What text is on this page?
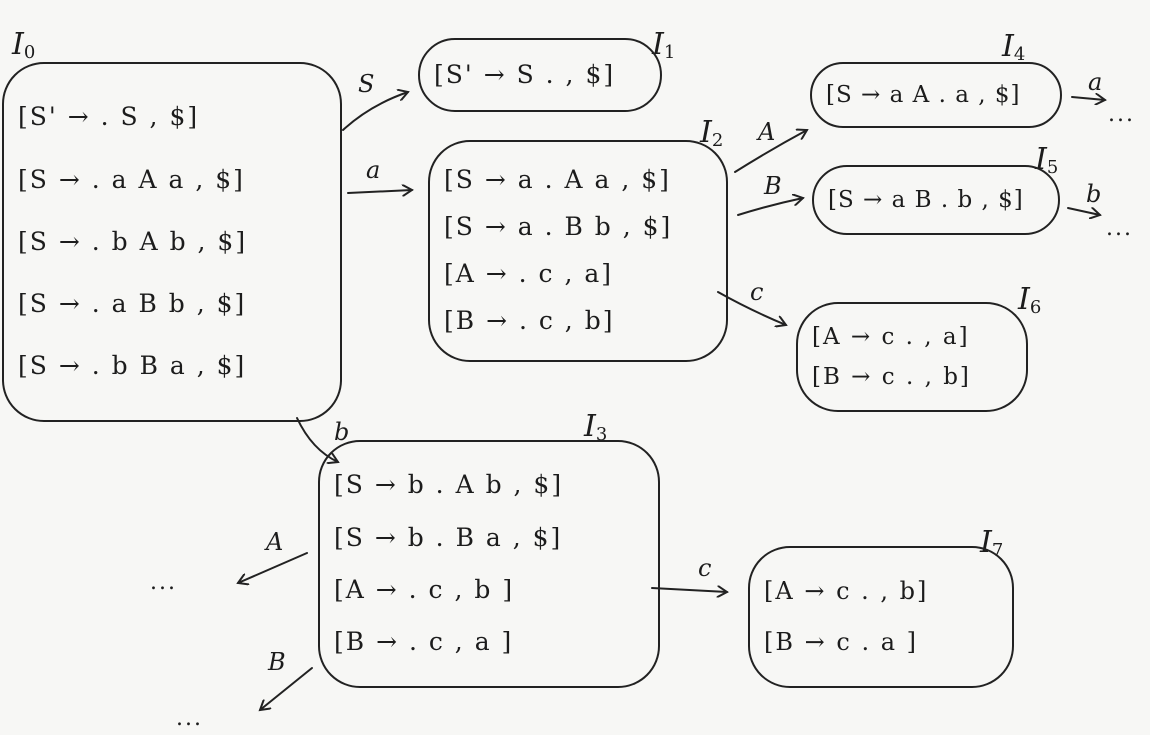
$I_0$
[S' → . S , $]
[S → . a A a , $]
[S → . b A b , $]
[S → . a B b , $]
[S → . b B a , $]
$I_1$
[S' → S . , $]
$I_2$
[S → a . A a , $]
[S → a . B b , $]
[A → . c , a]
[B → . c , b]
$I_3$
[S → b . A b , $]
[S → b . B a , $]
[A → . c , b ]
[B → . c , a ]
$I_4$
[S → a A . a , $]
$I_5$
[S → a B . b , $]
$I_6$
[A → c . , a]
[B → c . , b]
$I_7$
[A → c . , b]
[B → c . a ]
S
a
b
A
B
c
a
b
A
B
c
...
...
...
...
